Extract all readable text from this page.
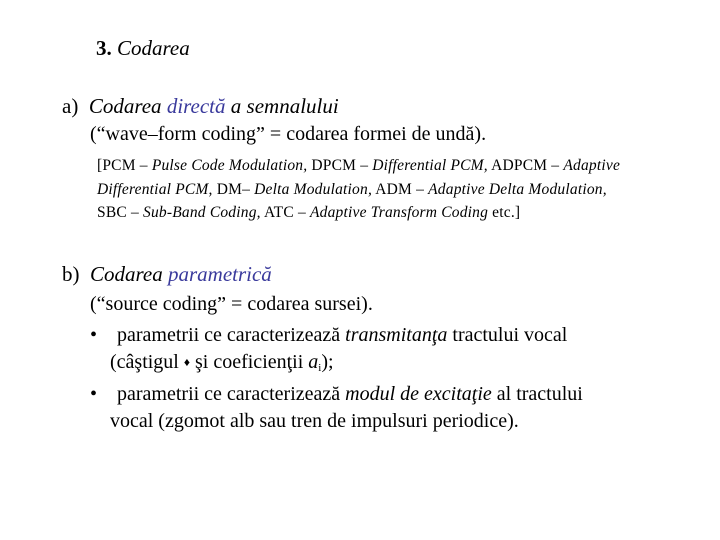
3. Codarea
a) Codarea directă a semnalului
(“wave–form coding” = codarea formei de undă).
[PCM – Pulse Code Modulation, DPCM – Differential PCM, ADPCM – Adaptive
Differential PCM, DM– Delta Modulation, ADM – Adaptive Delta Modulation,
SBC – Sub-Band Coding, ATC – Adaptive Transform Coding etc.]
b) Codarea parametrică
(“source coding” = codarea sursei).
• parametrii ce caracterizează transmitanţa tractului vocal
(câştigul ♦ şi coeficienţii $a_i$);
• parametrii ce caracterizează modul de excitaţie al tractului
vocal (zgomot alb sau tren de impulsuri periodice).
